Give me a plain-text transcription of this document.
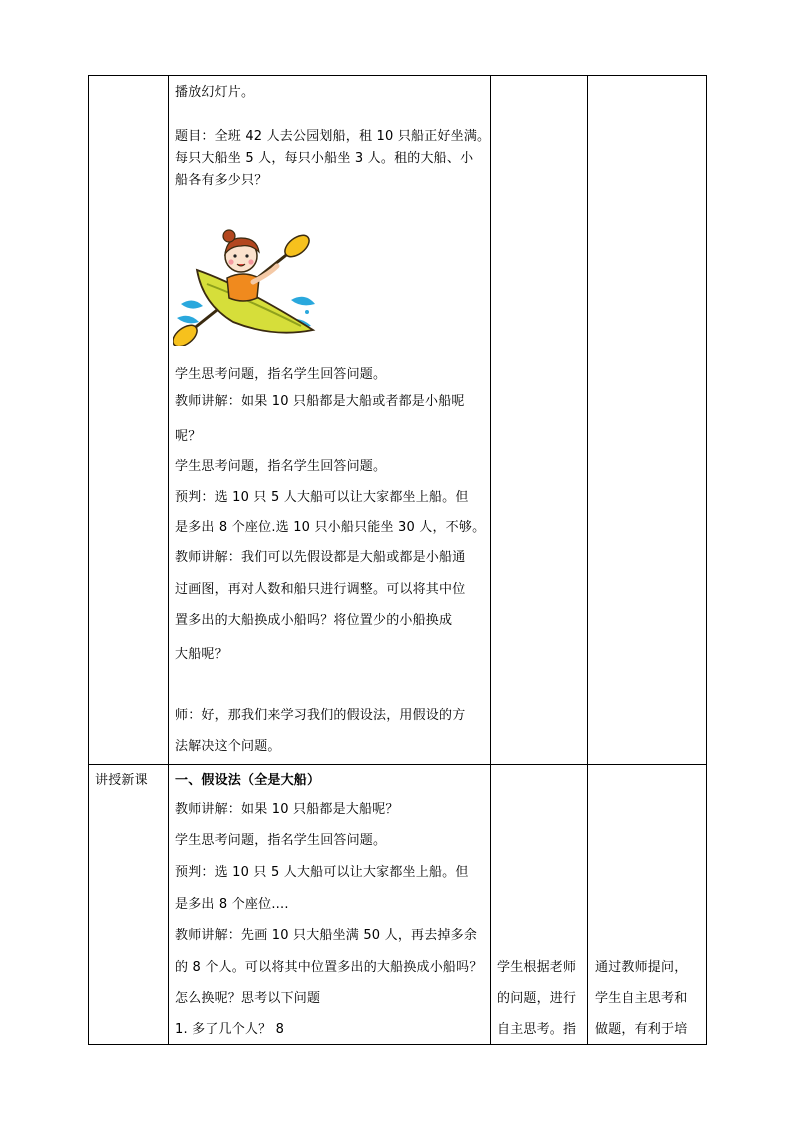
播放幻灯片。
题目：全班 42 人去公园划船，租 10 只船正好坐满。
每只大船坐 5 人，每只小船坐 3 人。租的大船、小
船各有多少只？
学生思考问题，指名学生回答问题。
教师讲解：如果 10 只船都是大船或者都是小船呢
呢？
学生思考问题，指名学生回答问题。
预判：选 10 只 5 人大船可以让大家都坐上船。但
是多出 8 个座位.选 10 只小船只能坐 30 人，不够。
教师讲解：我们可以先假设都是大船或都是小船通
过画图，再对人数和船只进行调整。可以将其中位
置多出的大船换成小船吗？将位置少的小船换成
大船呢？
师：好，那我们来学习我们的假设法，用假设的方
法解决这个问题。
讲授新课 一、假设法（全是大船）
教师讲解：如果 10 只船都是大船呢？
学生思考问题，指名学生回答问题。
预判：选 10 只 5 人大船可以让大家都坐上船。但
是多出 8 个座位....
教师讲解：先画 10 只大船坐满 50 人，再去掉多余
的 8 个人。可以将其中位置多出的大船换成小船吗？
怎么换呢？思考以下问题
1. 多了几个人？ 8
学生根据老师
的问题，进行
自主思考。指
通过教师提问，
学生自主思考和
做题，有利于培
